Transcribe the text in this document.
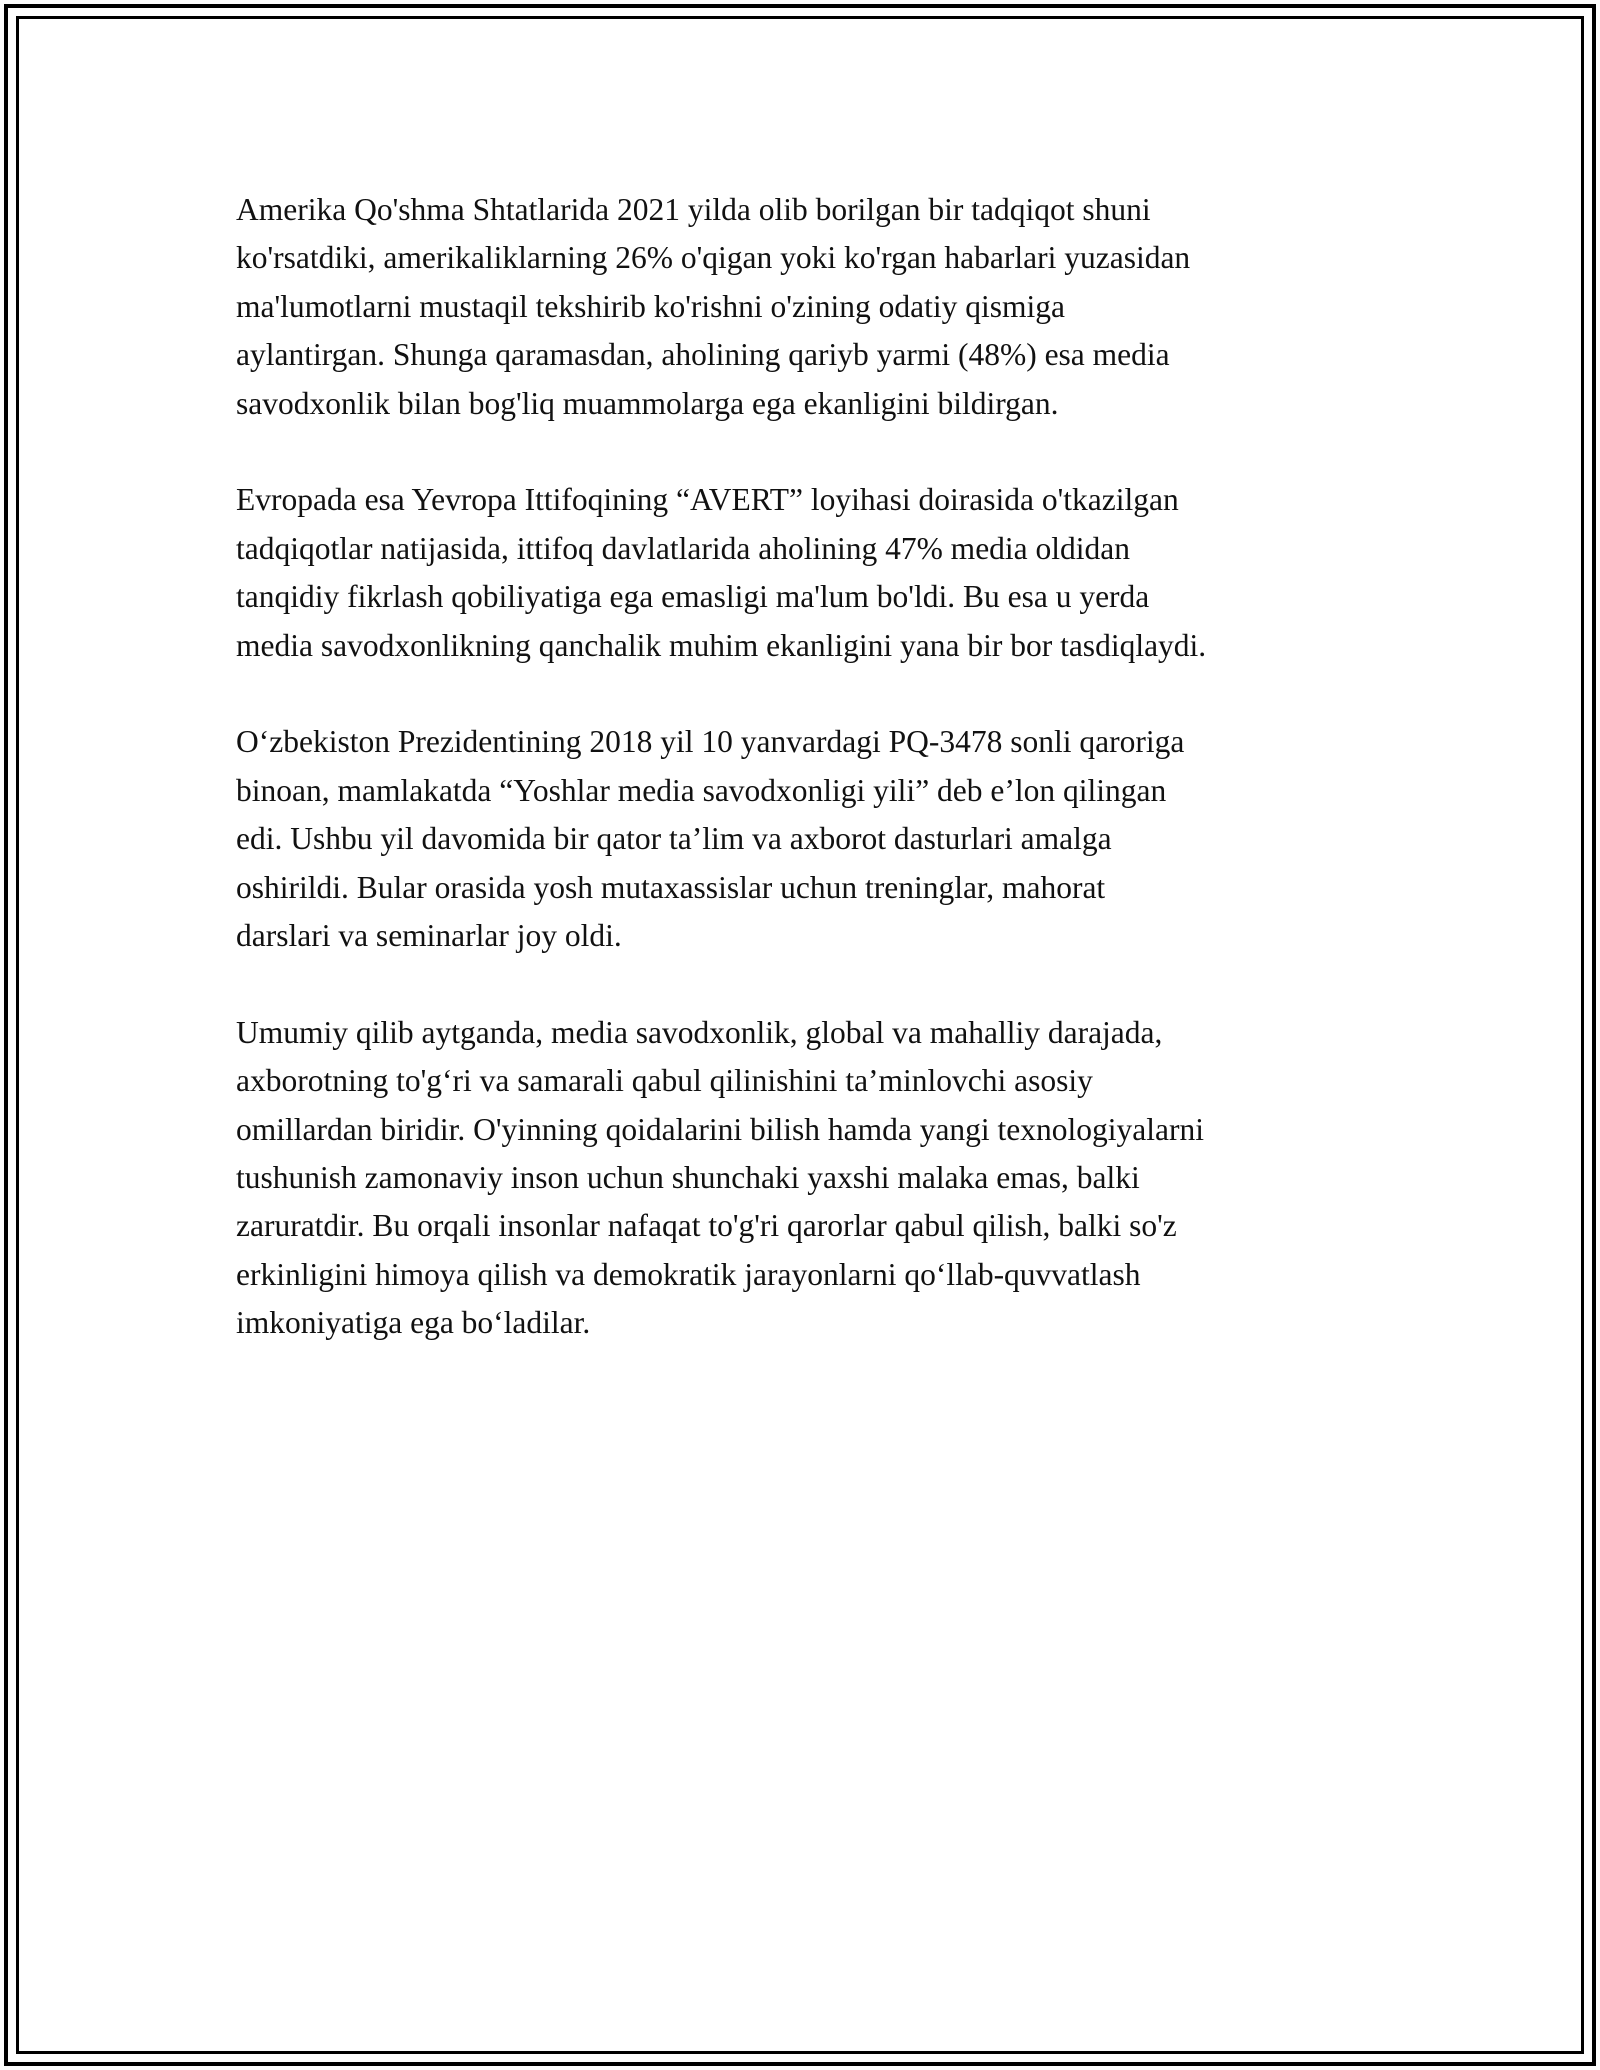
Amerika Qo'shma Shtatlarida 2021 yilda olib borilgan bir tadqiqot shuni
ko'rsatdiki, amerikaliklarning 26% o'qigan yoki ko'rgan habarlari yuzasidan
ma'lumotlarni mustaqil tekshirib ko'rishni o'zining odatiy qismiga
aylantirgan. Shunga qaramasdan, aholining qariyb yarmi (48%) esa media
savodxonlik bilan bog'liq muammolarga ega ekanligini bildirgan.

Evropada esa Yevropa Ittifoqining “AVERT” loyihasi doirasida o'tkazilgan
tadqiqotlar natijasida, ittifoq davlatlarida aholining 47% media oldidan
tanqidiy fikrlash qobiliyatiga ega emasligi ma'lum bo'ldi. Bu esa u yerda
media savodxonlikning qanchalik muhim ekanligini yana bir bor tasdiqlaydi.

O‘zbekiston Prezidentining 2018 yil 10 yanvardagi PQ-3478 sonli qaroriga
binoan, mamlakatda “Yoshlar media savodxonligi yili” deb e’lon qilingan
edi. Ushbu yil davomida bir qator ta’lim va axborot dasturlari amalga
oshirildi. Bular orasida yosh mutaxassislar uchun treninglar, mahorat
darslari va seminarlar joy oldi.

Umumiy qilib aytganda, media savodxonlik, global va mahalliy darajada,
axborotning to'g‘ri va samarali qabul qilinishini ta’minlovchi asosiy
omillardan biridir. O'yinning qoidalarini bilish hamda yangi texnologiyalarni
tushunish zamonaviy inson uchun shunchaki yaxshi malaka emas, balki
zaruratdir. Bu orqali insonlar nafaqat to'g'ri qarorlar qabul qilish, balki so'z
erkinligini himoya qilish va demokratik jarayonlarni qo‘llab-quvvatlash
imkoniyatiga ega bo‘ladilar.
